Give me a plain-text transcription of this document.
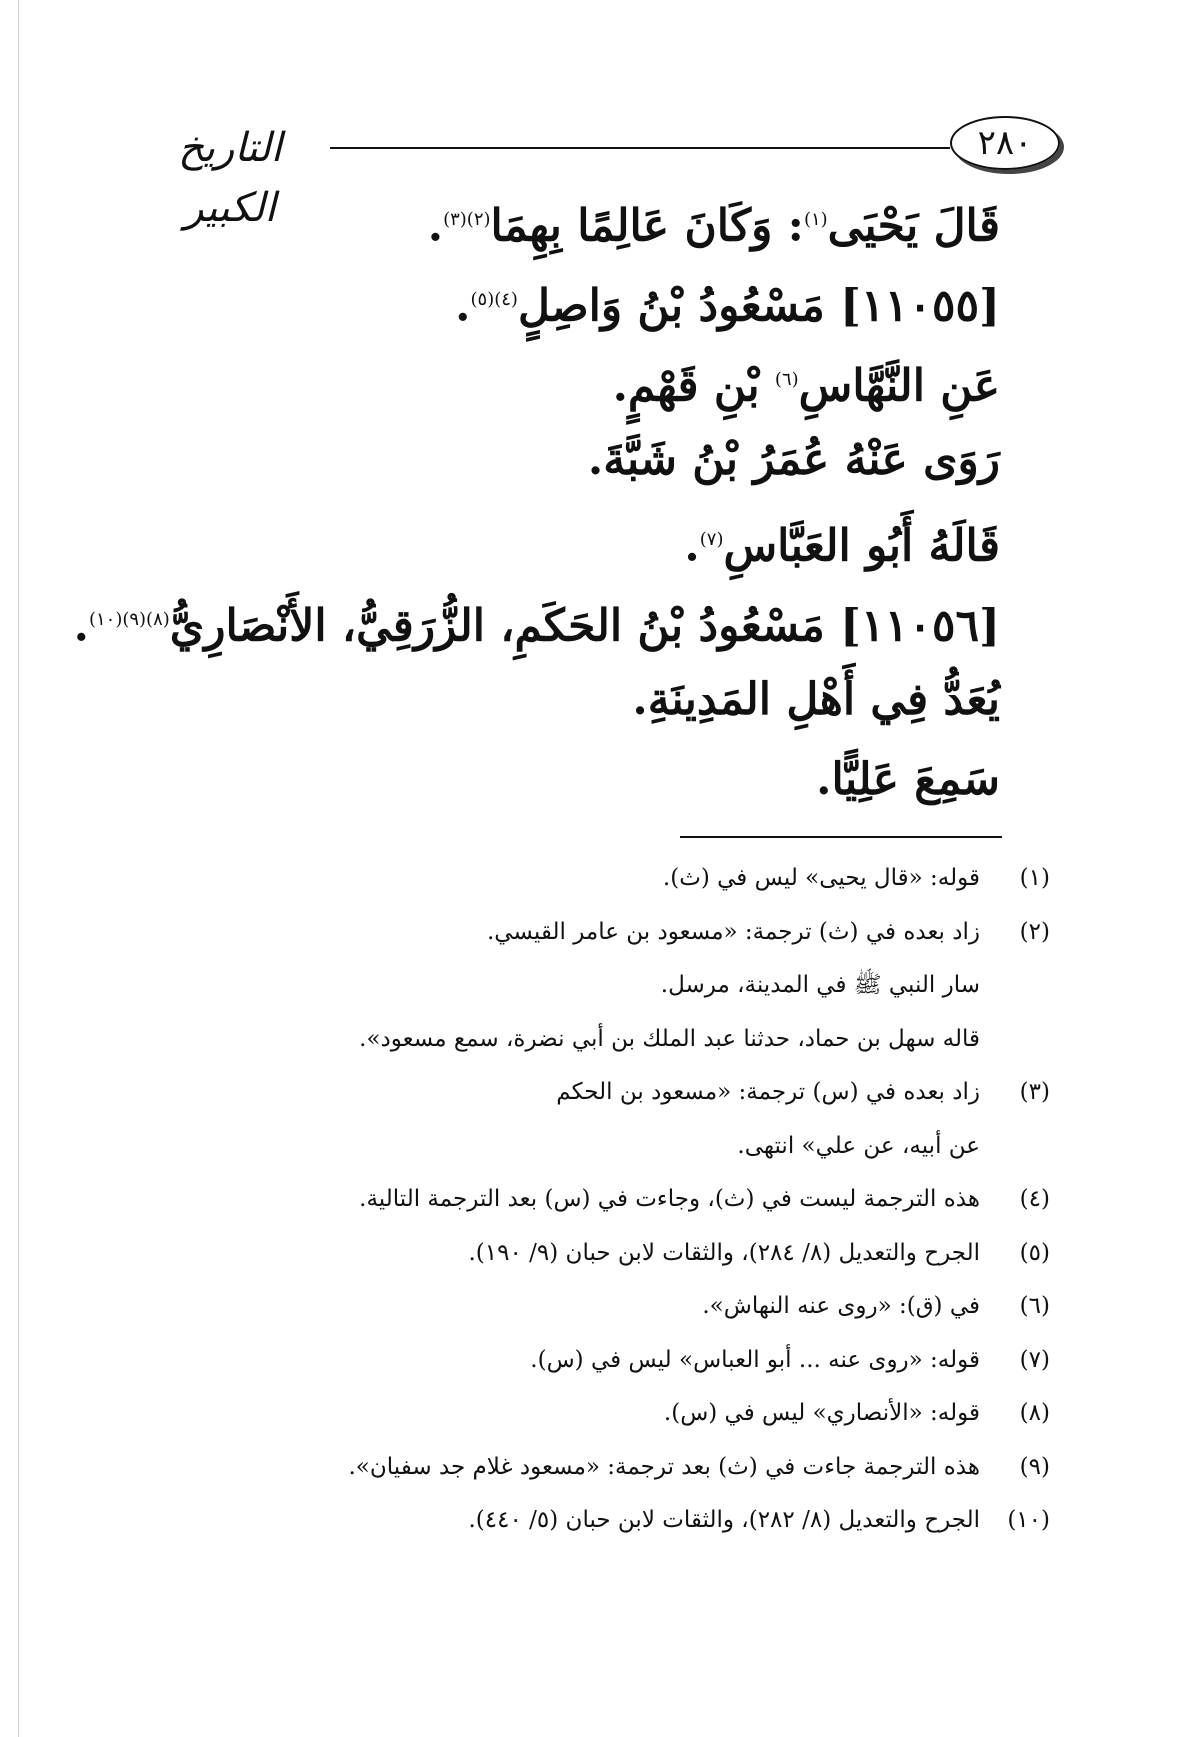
التاريخ الكبير
٢٨٠
قَالَ يَحْيَى$^{(١)}$: وَكَانَ عَالِمًا بِهِمَا$^{(٢)(٣)}$.
[١١٠٥٥] مَسْعُودُ بْنُ وَاصِلٍ$^{(٤)(٥)}$.
عَنِ النَّهَّاسِ$^{(٦)}$ بْنِ قَهْمٍ.
رَوَى عَنْهُ عُمَرُ بْنُ شَبَّةَ.
قَالَهُ أَبُو العَبَّاسِ$^{(٧)}$.
[١١٠٥٦] مَسْعُودُ بْنُ الحَكَمِ، الزُّرَقِيُّ، الأَنْصَارِيُّ$^{(٨)(٩)(١٠)}$.
يُعَدُّ فِي أَهْلِ المَدِينَةِ.
سَمِعَ عَلِيًّا.
(١)
قوله: «قال يحيى» ليس في (ث).
(٢)
زاد بعده في (ث) ترجمة: «مسعود بن عامر القيسي.
سار النبي ﷺ في المدينة، مرسل.
قاله سهل بن حماد، حدثنا عبد الملك بن أبي نضرة، سمع مسعود».
(٣)
زاد بعده في (س) ترجمة: «مسعود بن الحكم
عن أبيه، عن علي» انتهى.
(٤)
هذه الترجمة ليست في (ث)، وجاءت في (س) بعد الترجمة التالية.
(٥)
الجرح والتعديل (٨/ ٢٨٤)، والثقات لابن حبان (٩/ ١٩٠).
(٦)
في (ق): «روى عنه النهاش».
(٧)
قوله: «روى عنه ... أبو العباس» ليس في (س).
(٨)
قوله: «الأنصاري» ليس في (س).
(٩)
هذه الترجمة جاءت في (ث) بعد ترجمة: «مسعود غلام جد سفيان».
(١٠)
الجرح والتعديل (٨/ ٢٨٢)، والثقات لابن حبان (٥/ ٤٤٠).
